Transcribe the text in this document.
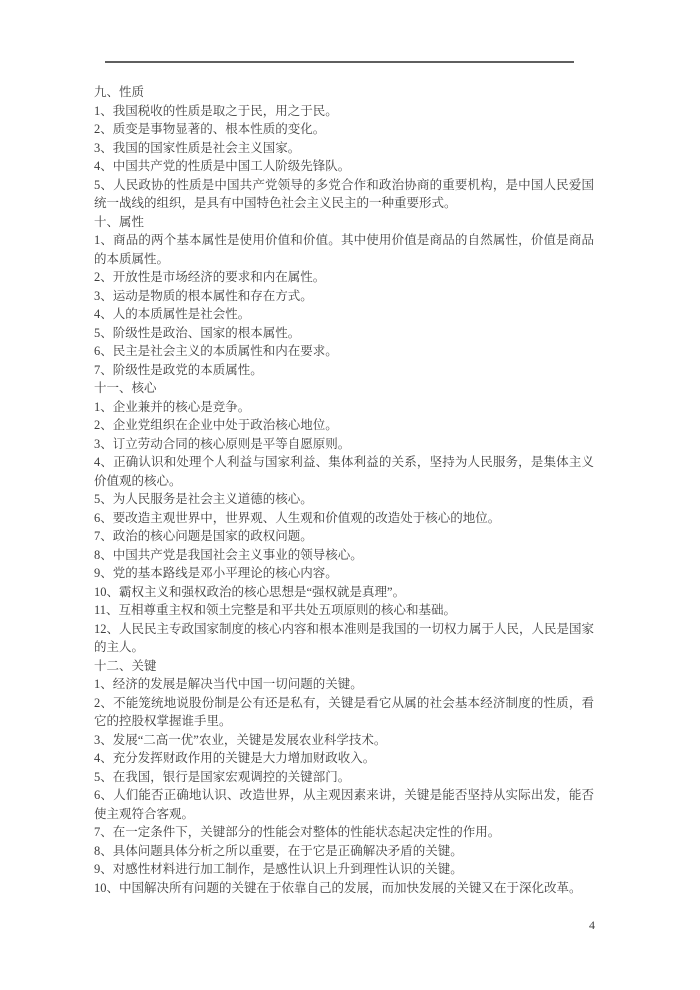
九、性质

1、我国税收的性质是取之于民，用之于民。

2、质变是事物显著的、根本性质的变化。

3、我国的国家性质是社会主义国家。

4、中国共产党的性质是中国工人阶级先锋队。

5、人民政协的性质是中国共产党领导的多党合作和政治协商的重要机构，是中国人民爱国统一战线的组织，是具有中国特色社会主义民主的一种重要形式。

十、属性

1、商品的两个基本属性是使用价值和价值。其中使用价值是商品的自然属性，价值是商品的本质属性。

2、开放性是市场经济的要求和内在属性。

3、运动是物质的根本属性和存在方式。

4、人的本质属性是社会性。

5、阶级性是政治、国家的根本属性。

6、民主是社会主义的本质属性和内在要求。

7、阶级性是政党的本质属性。

十一、核心

1、企业兼并的核心是竞争。

2、企业党组织在企业中处于政治核心地位。

3、订立劳动合同的核心原则是平等自愿原则。

4、正确认识和处理个人利益与国家利益、集体利益的关系，坚持为人民服务，是集体主义价值观的核心。

5、为人民服务是社会主义道德的核心。

6、要改造主观世界中，世界观、人生观和价值观的改造处于核心的地位。

7、政治的核心问题是国家的政权问题。

8、中国共产党是我国社会主义事业的领导核心。

9、党的基本路线是邓小平理论的核心内容。

10、霸权主义和强权政治的核心思想是“强权就是真理”。

11、互相尊重主权和领土完整是和平共处五项原则的核心和基础。

12、人民民主专政国家制度的核心内容和根本准则是我国的一切权力属于人民，人民是国家的主人。

十二、关键

1、经济的发展是解决当代中国一切问题的关键。

2、不能笼统地说股份制是公有还是私有，关键是看它从属的社会基本经济制度的性质，看它的控股权掌握谁手里。

3、发展“二高一优”农业，关键是发展农业科学技术。

4、充分发挥财政作用的关键是大力增加财政收入。

5、在我国，银行是国家宏观调控的关键部门。

6、人们能否正确地认识、改造世界，从主观因素来讲，关键是能否坚持从实际出发，能否使主观符合客观。

7、在一定条件下，关键部分的性能会对整体的性能状态起决定性的作用。

8、具体问题具体分析之所以重要，在于它是正确解决矛盾的关键。

9、对感性材料进行加工制作，是感性认识上升到理性认识的关键。

10、中国解决所有问题的关键在于依靠自己的发展，而加快发展的关键又在于深化改革。

4
